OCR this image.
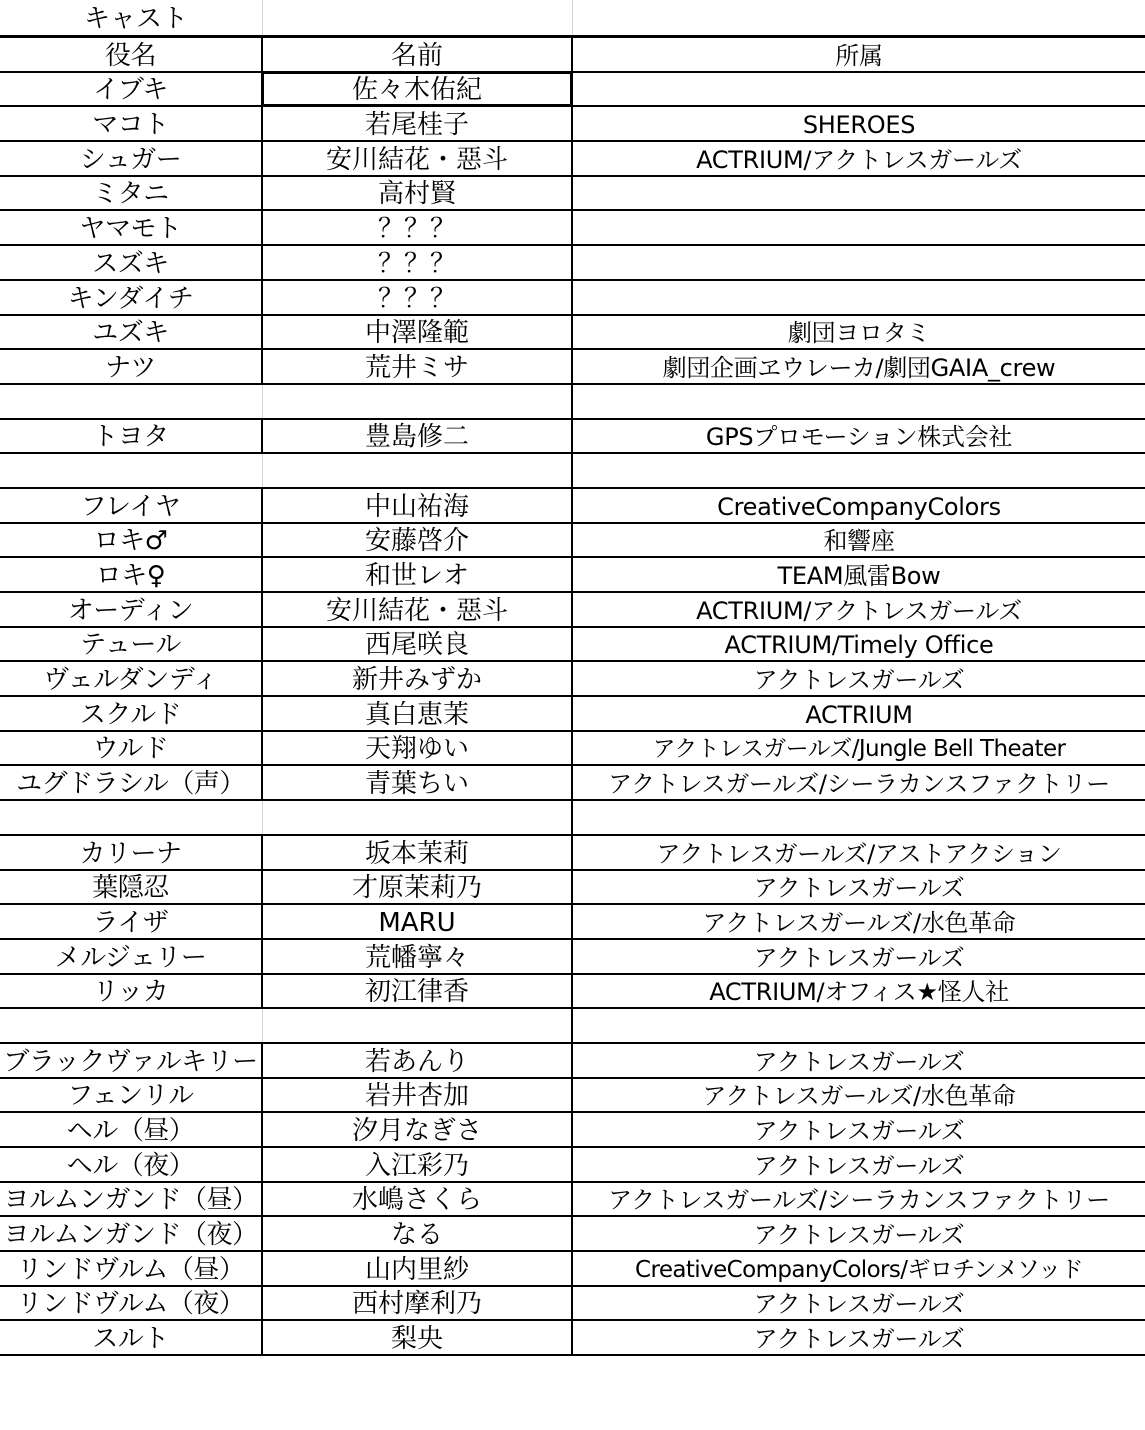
キャスト
役名	名前	所属
イブキ	佐々木佑紀	
マコト	若尾桂子	SHEROES
シュガー	安川結花・惡斗	ACTRIUM/アクトレスガールズ
ミタニ	高村賢	
ヤマモト	？？？	
スズキ	？？？	
キンダイチ	？？？	
ユズキ	中澤隆範	劇団ヨロタミ
ナツ	荒井ミサ	劇団企画ヱウレーカ/劇団GAIA_crew

トヨタ	豊島修二	GPSプロモーション株式会社

フレイヤ	中山祐海	CreativeCompanyColors
ロキ♂	安藤啓介	和響座
ロキ♀	和世レオ	TEAM風雷Bow
オーディン	安川結花・惡斗	ACTRIUM/アクトレスガールズ
テュール	西尾咲良	ACTRIUM/Timely Office
ヴェルダンディ	新井みずか	アクトレスガールズ
スクルド	真白恵茉	ACTRIUM
ウルド	天翔ゆい	アクトレスガールズ/Jungle Bell Theater
ユグドラシル（声）	青葉ちい	アクトレスガールズ/シーラカンスファクトリー

カリーナ	坂本茉莉	アクトレスガールズ/アストアクション
葉隠忍	才原茉莉乃	アクトレスガールズ
ライザ	MARU	アクトレスガールズ/水色革命
メルジェリー	荒幡寧々	アクトレスガールズ
リッカ	初江律香	ACTRIUM/オフィス★怪人社

ブラックヴァルキリー	若あんり	アクトレスガールズ
フェンリル	岩井杏加	アクトレスガールズ/水色革命
ヘル（昼）	汐月なぎさ	アクトレスガールズ
ヘル（夜）	入江彩乃	アクトレスガールズ
ヨルムンガンド（昼）	水嶋さくら	アクトレスガールズ/シーラカンスファクトリー
ヨルムンガンド（夜）	なる	アクトレスガールズ
リンドヴルム（昼）	山内里紗	CreativeCompanyColors/ギロチンメソッド
リンドヴルム（夜）	西村摩利乃	アクトレスガールズ
スルト	梨央	アクトレスガールズ
